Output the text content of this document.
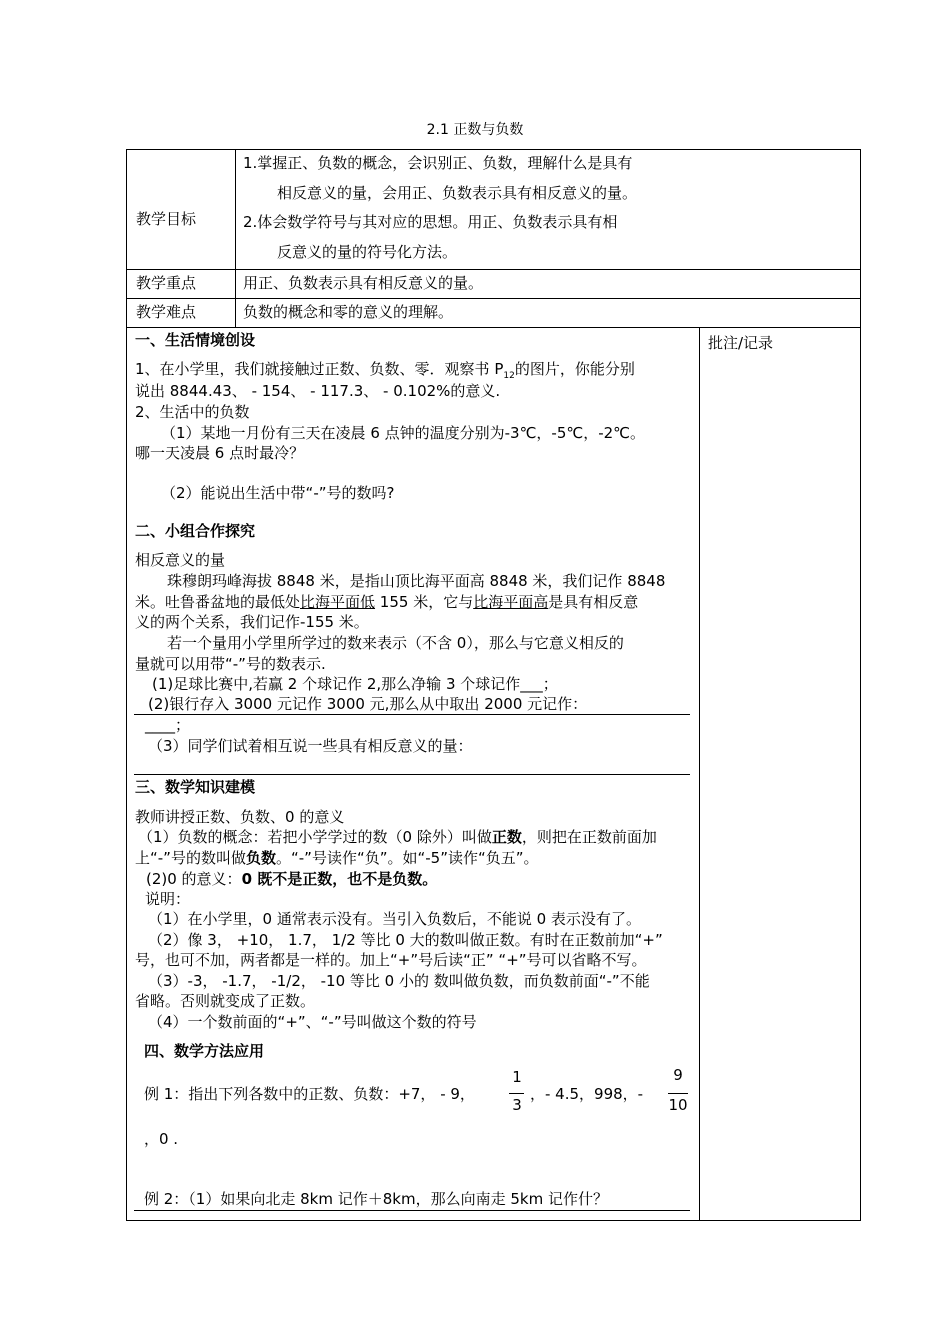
2.1 正数与负数
教学目标
1.掌握正、负数的概念，会识别正、负数，理解什么是具有
相反意义的量，会用正、负数表示具有相反意义的量。
2.体会数学符号与其对应的思想。用正、负数表示具有相
反意义的量的符号化方法。
教学重点	用正、负数表示具有相反意义的量。
教学难点	负数的概念和零的意义的理解。
批注/记录
一、生活情境创设
1、在小学里，我们就接触过正数、负数、零．观察书 $P_{12}$的图片，你能分别
说出 8844.43、 - 154、 - 117.3、 - 0.102%的意义.
2、生活中的负数
（1）某地一月份有三天在凌晨 6 点钟的温度分别为-3℃，-5℃，-2℃。
哪一天凌晨 6 点时最冷？
（2）能说出生活中带“-”号的数吗?
二、小组合作探究
相反意义的量
珠穆朗玛峰海拔 8848 米，是指山顶比海平面高 8848 米，我们记作 8848
米。吐鲁番盆地的最低处比海平面低 155 米，它与比海平面高是具有相反意
义的两个关系，我们记作-155 米。
若一个量用小学里所学过的数来表示（不含 0），那么与它意义相反的
量就可以用带“-”号的数表示.
(1)足球比赛中,若赢 2 个球记作 2,那么净输 3 个球记作___；
(2)银行存入 3000 元记作 3000 元,那么从中取出 2000 元记作：
____；
（3）同学们试着相互说一些具有相反意义的量：
三、数学知识建模
教师讲授正数、负数、0 的意义
（1）负数的概念：若把小学学过的数（0 除外）叫做正数，则把在正数前面加
上“-”号的数叫做负数。“-”号读作“负”。如“-5”读作“负五”。
(2)0 的意义：0 既不是正数，也不是负数。
说明：
（1）在小学里，0 通常表示没有。当引入负数后，不能说 0 表示没有了。
（2）像 3， +10， 1.7， 1/2 等比 0 大的数叫做正数。有时在正数前加“+”
号，也可不加，两者都是一样的。加上“+”号后读“正” “+”号可以省略不写。
（3）-3， -1.7， -1/2， -10 等比 0 小的 数叫做负数，而负数前面“-”不能
省略。否则就变成了正数。
（4）一个数前面的“+”、“-”号叫做这个数的符号
四、数学方法应用
例 1：指出下列各数中的正数、负数：+7， - 9，
1
3
，- 4.5，998，-
9
10
，0 .
例 2：（1）如果向北走 8km 记作＋8km，那么向南走 5km 记作什？
